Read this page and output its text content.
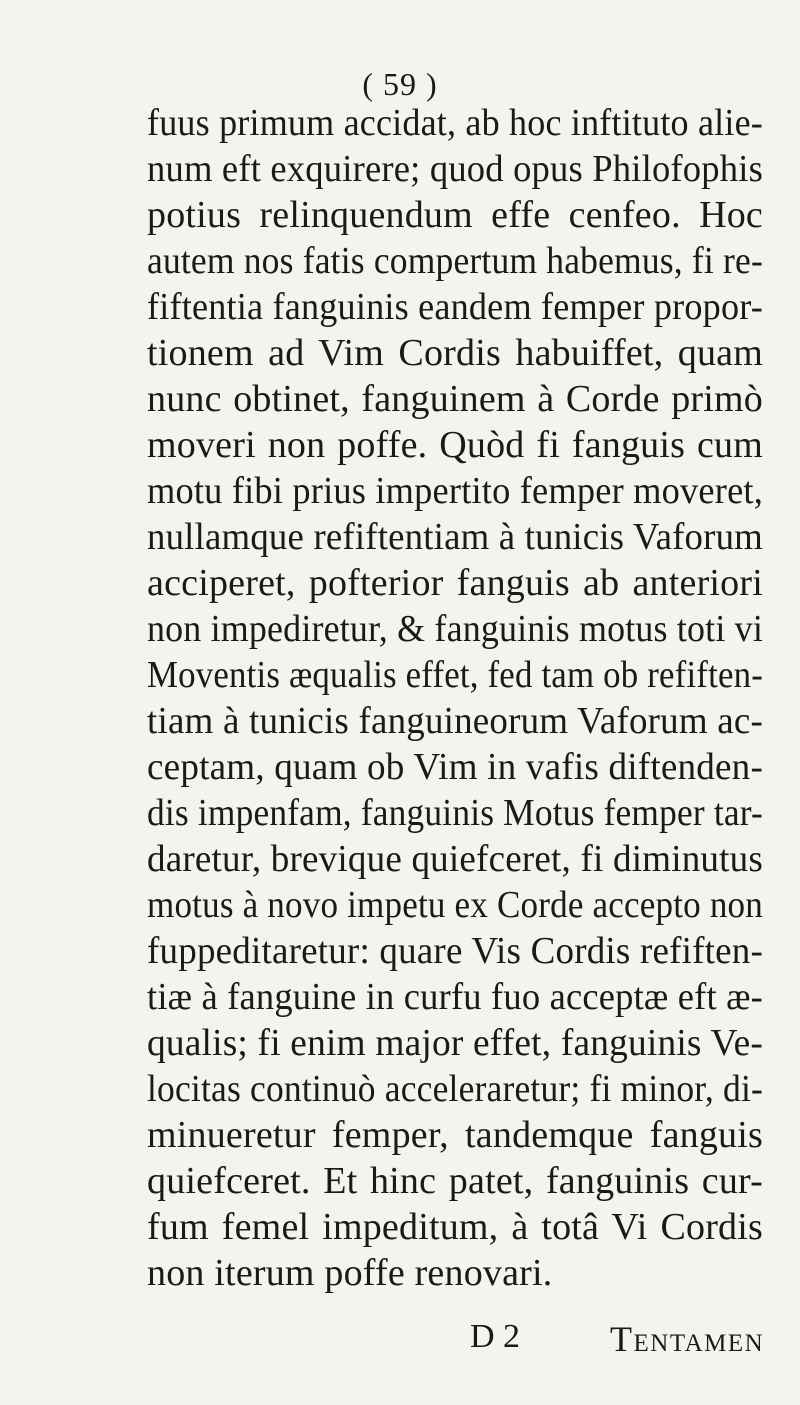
( 59 )
fuus primum accidat, ab hoc inftituto alie-
num eft exquirere; quod opus Philofophis
potius relinquendum effe cenfeo. Hoc
autem nos fatis compertum habemus, fi re-
fiftentia fanguinis eandem femper propor-
tionem ad Vim Cordis habuiffet, quam
nunc obtinet, fanguinem à Corde primò
moveri non poffe. Quòd fi fanguis cum
motu fibi prius impertito femper moveret,
nullamque refiftentiam à tunicis Vaforum
acciperet, pofterior fanguis ab anteriori
non impediretur, & fanguinis motus toti vi
Moventis æqualis effet, fed tam ob refiften-
tiam à tunicis fanguineorum Vaforum ac-
ceptam, quam ob Vim in vafis diftenden-
dis impenfam, fanguinis Motus femper tar-
daretur, brevique quiefceret, fi diminutus
motus à novo impetu ex Corde accepto non
fuppeditaretur: quare Vis Cordis refiften-
tiæ à fanguine in curfu fuo acceptæ eft æ-
qualis; fi enim major effet, fanguinis Ve-
locitas continuò acceleraretur; fi minor, di-
minueretur femper, tandemque fanguis
quiefceret. Et hinc patet, fanguinis cur-
fum femel impeditum, à totâ Vi Cordis
non iterum poffe renovari.
D 2 Tentamen
